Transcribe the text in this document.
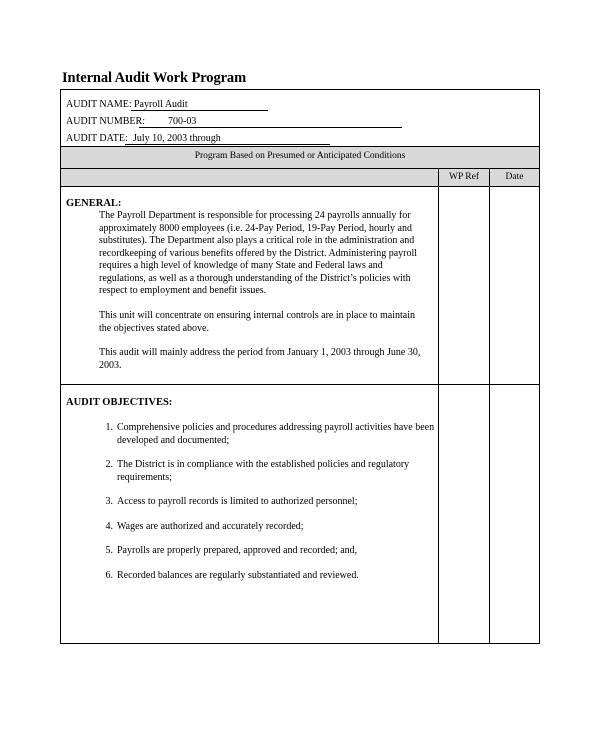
Internal Audit Work Program
AUDIT NAME: Payroll Audit
AUDIT NUMBER: 700-03
AUDIT DATE: July 10, 2003 through
Program Based on Presumed or Anticipated Conditions
WP Ref	Date
GENERAL:
The Payroll Department is responsible for processing 24 payrolls annually for approximately 8000 employees (i.e. 24-Pay Period, 19-Pay Period, hourly and substitutes). The Department also plays a critical role in the administration and recordkeeping of various benefits offered by the District. Administering payroll requires a high level of knowledge of many State and Federal laws and regulations, as well as a thorough understanding of the District’s policies with respect to employment and benefit issues.
This unit will concentrate on ensuring internal controls are in place to maintain the objectives stated above.
This audit will mainly address the period from January 1, 2003 through June 30, 2003.
AUDIT OBJECTIVES:
1. Comprehensive policies and procedures addressing payroll activities have been developed and documented;
2. The District is in compliance with the established policies and regulatory requirements;
3. Access to payroll records is limited to authorized personnel;
4. Wages are authorized and accurately recorded;
5. Payrolls are properly prepared, approved and recorded; and,
6. Recorded balances are regularly substantiated and reviewed.
